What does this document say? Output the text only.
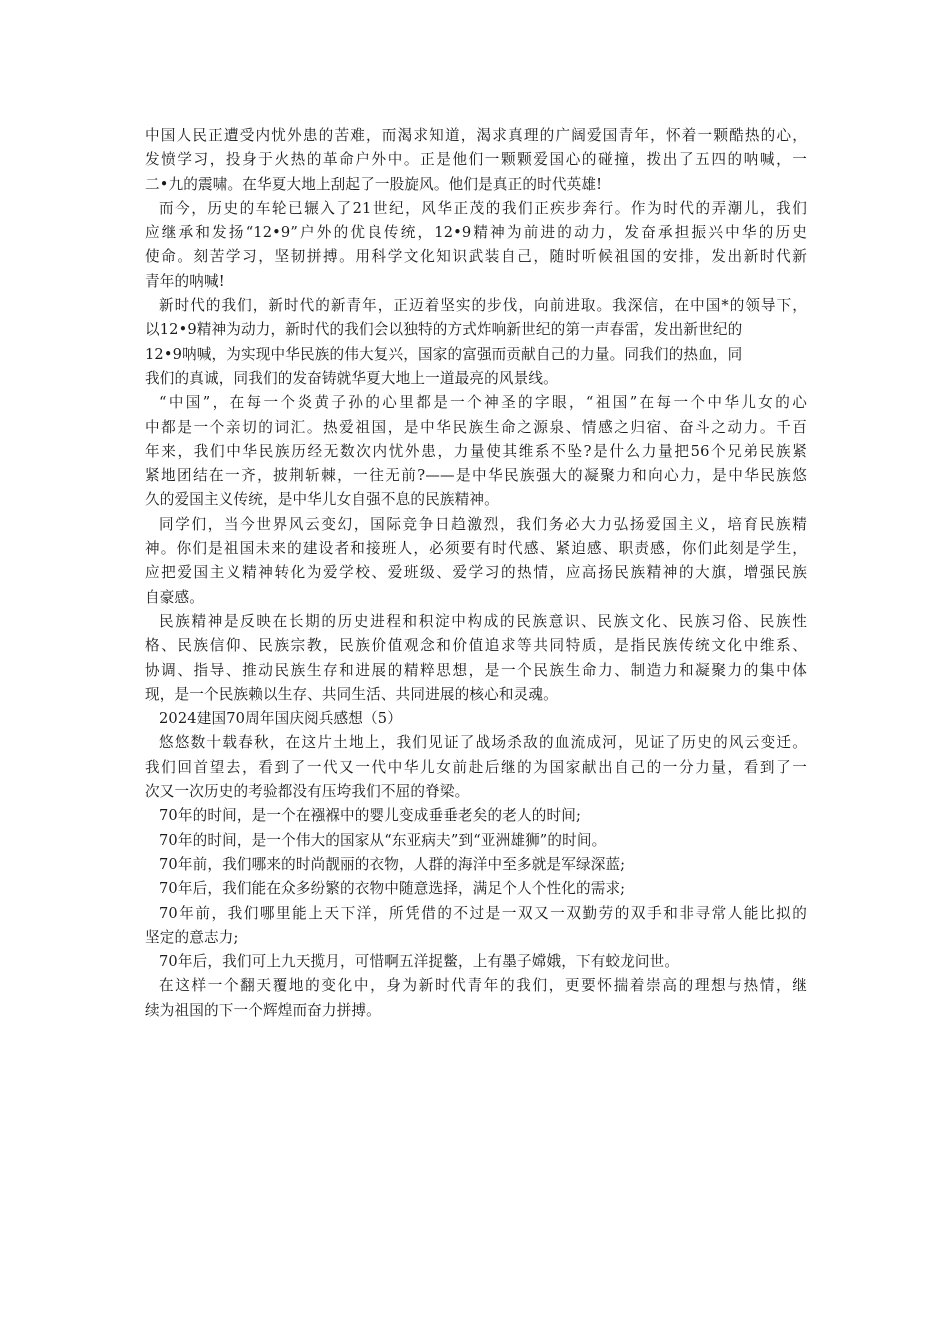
中国人民正遭受内忧外患的苦难，而渴求知道，渴求真理的广阔爱国青年，怀着一颗酷热的心，
发愤学习，投身于火热的革命户外中。正是他们一颗颗爱国心的碰撞，拨出了五四的呐喊，一
二•九的震啸。在华夏大地上刮起了一股旋风。他们是真正的时代英雄!
而今，历史的车轮已辗入了21世纪，风华正茂的我们正疾步奔行。作为时代的弄潮儿，我们
应继承和发扬“12•9”户外的优良传统，12•9精神为前进的动力，发奋承担振兴中华的历史
使命。刻苦学习，坚韧拼搏。用科学文化知识武装自己，随时听候祖国的安排，发出新时代新
青年的呐喊!
新时代的我们，新时代的新青年，正迈着坚实的步伐，向前进取。我深信，在中国*的领导下，
以12•9精神为动力，新时代的我们会以独特的方式炸响新世纪的第一声春雷，发出新世纪的
12•9呐喊，为实现中华民族的伟大复兴，国家的富强而贡献自己的力量。同我们的热血，同
我们的真诚，同我们的发奋铸就华夏大地上一道最亮的风景线。
“中国”，在每一个炎黄子孙的心里都是一个神圣的字眼，“祖国”在每一个中华儿女的心
中都是一个亲切的词汇。热爱祖国，是中华民族生命之源泉、情感之归宿、奋斗之动力。千百
年来，我们中华民族历经无数次内忧外患，力量使其维系不坠?是什么力量把56个兄弟民族紧
紧地团结在一齐，披荆斩棘，一往无前?——是中华民族强大的凝聚力和向心力，是中华民族悠
久的爱国主义传统，是中华儿女自强不息的民族精神。
同学们，当今世界风云变幻，国际竞争日趋激烈，我们务必大力弘扬爱国主义，培育民族精
神。你们是祖国未来的建设者和接班人，必须要有时代感、紧迫感、职责感，你们此刻是学生，
应把爱国主义精神转化为爱学校、爱班级、爱学习的热情，应高扬民族精神的大旗，增强民族
自豪感。
民族精神是反映在长期的历史进程和积淀中构成的民族意识、民族文化、民族习俗、民族性
格、民族信仰、民族宗教，民族价值观念和价值追求等共同特质，是指民族传统文化中维系、
协调、指导、推动民族生存和进展的精粹思想，是一个民族生命力、制造力和凝聚力的集中体
现，是一个民族赖以生存、共同生活、共同进展的核心和灵魂。
2024建国70周年国庆阅兵感想（5）
悠悠数十载春秋，在这片土地上，我们见证了战场杀敌的血流成河，见证了历史的风云变迁。
我们回首望去，看到了一代又一代中华儿女前赴后继的为国家献出自己的一分力量，看到了一
次又一次历史的考验都没有压垮我们不屈的脊梁。
70年的时间，是一个在襁褓中的婴儿变成垂垂老矣的老人的时间;
70年的时间，是一个伟大的国家从“东亚病夫”到“亚洲雄狮”的时间。
70年前，我们哪来的时尚靓丽的衣物，人群的海洋中至多就是军绿深蓝;
70年后，我们能在众多纷繁的衣物中随意选择，满足个人个性化的需求;
70年前，我们哪里能上天下洋，所凭借的不过是一双又一双勤劳的双手和非寻常人能比拟的
坚定的意志力;
70年后，我们可上九天揽月，可惜啊五洋捉鳖，上有墨子嫦娥，下有蛟龙问世。
在这样一个翻天覆地的变化中，身为新时代青年的我们，更要怀揣着崇高的理想与热情，继
续为祖国的下一个辉煌而奋力拼搏。
